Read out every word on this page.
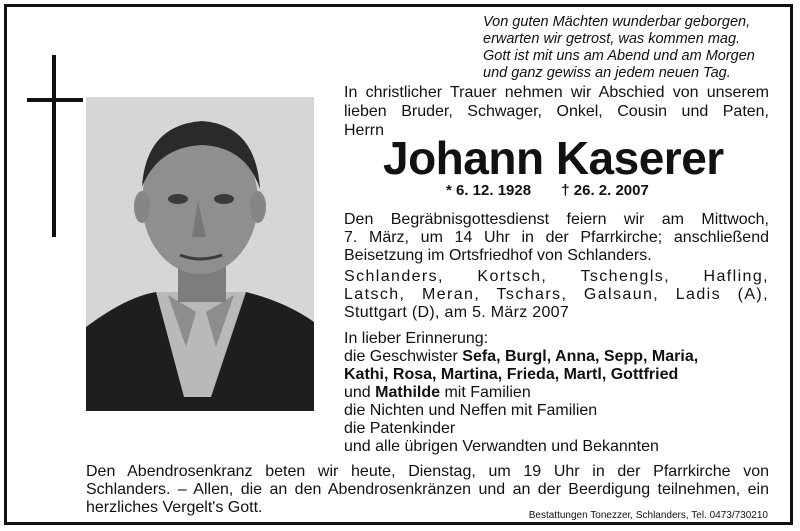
Von guten Mächten wunderbar geborgen,
erwarten wir getrost, was kommen mag.
Gott ist mit uns am Abend und am Morgen
und ganz gewiss an jedem neuen Tag.
In christlicher Trauer nehmen wir Abschied von unserem
lieben Bruder, Schwager, Onkel, Cousin und Paten,
Herrn
Johann Kaserer
* 6. 12. 1928 † 26. 2. 2007
Den Begräbnisgottesdienst feiern wir am Mittwoch,
7. März, um 14 Uhr in der Pfarrkirche; anschließend
Beisetzung im Ortsfriedhof von Schlanders.
Schlanders, Kortsch, Tschengls, Hafling,
Latsch, Meran, Tschars, Galsaun, Ladis (A),
Stuttgart (D), am 5. März 2007
In lieber Erinnerung:
die Geschwister Sefa, Burgl, Anna, Sepp, Maria,
Kathi, Rosa, Martina, Frieda, Martl, Gottfried
und Mathilde mit Familien
die Nichten und Neffen mit Familien
die Patenkinder
und alle übrigen Verwandten und Bekannten
Den Abendrosenkranz beten wir heute, Dienstag, um 19 Uhr in der Pfarrkirche von
Schlanders. – Allen, die an den Abendrosenkränzen und an der Beerdigung teilnehmen, ein
herzliches Vergelt's Gott.	Bestattungen Tonezzer, Schlanders, Tel. 0473/730210
